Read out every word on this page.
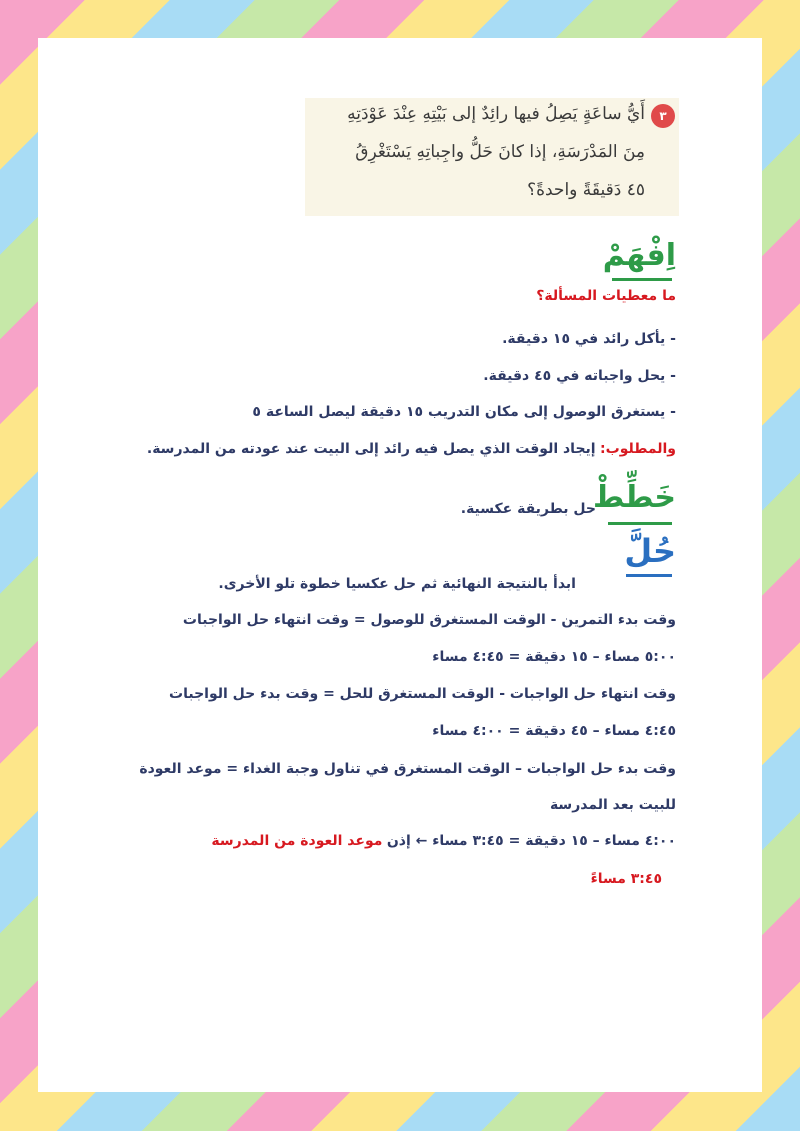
٣
أَيُّ ساعَةٍ يَصِلُ فيها رائِدٌ إلى بَيْتِهِ عِنْدَ عَوْدَتِهِ
مِنَ المَدْرَسَةِ، إذا كانَ حَلُّ واجِباتِهِ يَسْتَغْرِقُ
٤٥ دَقيقَةً واحدةً؟
اِفْهَمْ
ما معطيات المسألة؟
- يأكل رائد في ١٥ دقيقة.
- يحل واجباته في ٤٥ دقيقة.
- يستغرق الوصول إلى مكان التدريب ١٥ دقيقة ليصل الساعة ٥
والمطلوب: إيجاد الوقت الذي يصل فيه رائد إلى البيت عند عودته من المدرسة.
خَطِّطْ
حل بطريقة عكسية.
حُلَّ
ابدأ بالنتيجة النهائية ثم حل عكسيا خطوة تلو الأخرى.
وقت بدء التمرين - الوقت المستغرق للوصول = وقت انتهاء حل الواجبات
٥:٠٠ مساء – ١٥ دقيقة = ٤:٤٥ مساء
وقت انتهاء حل الواجبات - الوقت المستغرق للحل = وقت بدء حل الواجبات
٤:٤٥ مساء – ٤٥ دقيقة = ٤:٠٠ مساء
وقت بدء حل الواجبات – الوقت المستغرق في تناول وجبة الغداء = موعد العودة
للبيت بعد المدرسة
٤:٠٠ مساء – ١٥ دقيقة = ٣:٤٥ مساء ← إذن موعد العودة من المدرسة
٣:٤٥ مساءً
